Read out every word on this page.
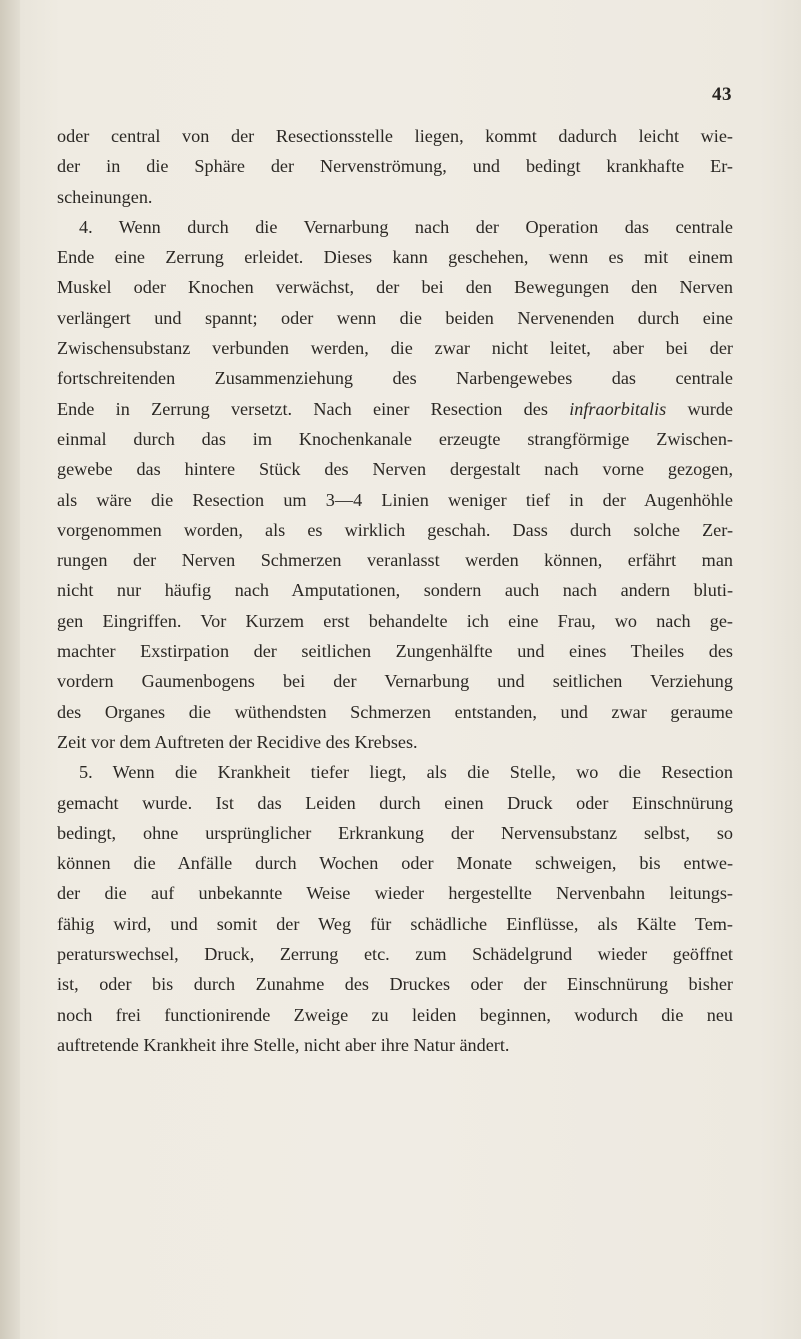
43
oder central von der Resectionsstelle liegen, kommt dadurch leicht wie-
der in die Sphäre der Nervenströmung, und bedingt krankhafte Er-
scheinungen.
4. Wenn durch die Vernarbung nach der Operation das centrale
Ende eine Zerrung erleidet. Dieses kann geschehen, wenn es mit einem
Muskel oder Knochen verwächst, der bei den Bewegungen den Nerven
verlängert und spannt; oder wenn die beiden Nervenenden durch eine
Zwischensubstanz verbunden werden, die zwar nicht leitet, aber bei der
fortschreitenden Zusammenziehung des Narbengewebes das centrale
Ende in Zerrung versetzt. Nach einer Resection des infraorbitalis wurde
einmal durch das im Knochenkanale erzeugte strangförmige Zwischen-
gewebe das hintere Stück des Nerven dergestalt nach vorne gezogen,
als wäre die Resection um 3—4 Linien weniger tief in der Augenhöhle
vorgenommen worden, als es wirklich geschah. Dass durch solche Zer-
rungen der Nerven Schmerzen veranlasst werden können, erfährt man
nicht nur häufig nach Amputationen, sondern auch nach andern bluti-
gen Eingriffen. Vor Kurzem erst behandelte ich eine Frau, wo nach ge-
machter Exstirpation der seitlichen Zungenhälfte und eines Theiles des
vordern Gaumenbogens bei der Vernarbung und seitlichen Verziehung
des Organes die wüthendsten Schmerzen entstanden, und zwar geraume
Zeit vor dem Auftreten der Recidive des Krebses.
5. Wenn die Krankheit tiefer liegt, als die Stelle, wo die Resection
gemacht wurde. Ist das Leiden durch einen Druck oder Einschnürung
bedingt, ohne ursprünglicher Erkrankung der Nervensubstanz selbst, so
können die Anfälle durch Wochen oder Monate schweigen, bis entwe-
der die auf unbekannte Weise wieder hergestellte Nervenbahn leitungs-
fähig wird, und somit der Weg für schädliche Einflüsse, als Kälte Tem-
peraturswechsel, Druck, Zerrung etc. zum Schädelgrund wieder geöffnet
ist, oder bis durch Zunahme des Druckes oder der Einschnürung bisher
noch frei functionirende Zweige zu leiden beginnen, wodurch die neu
auftretende Krankheit ihre Stelle, nicht aber ihre Natur ändert.
